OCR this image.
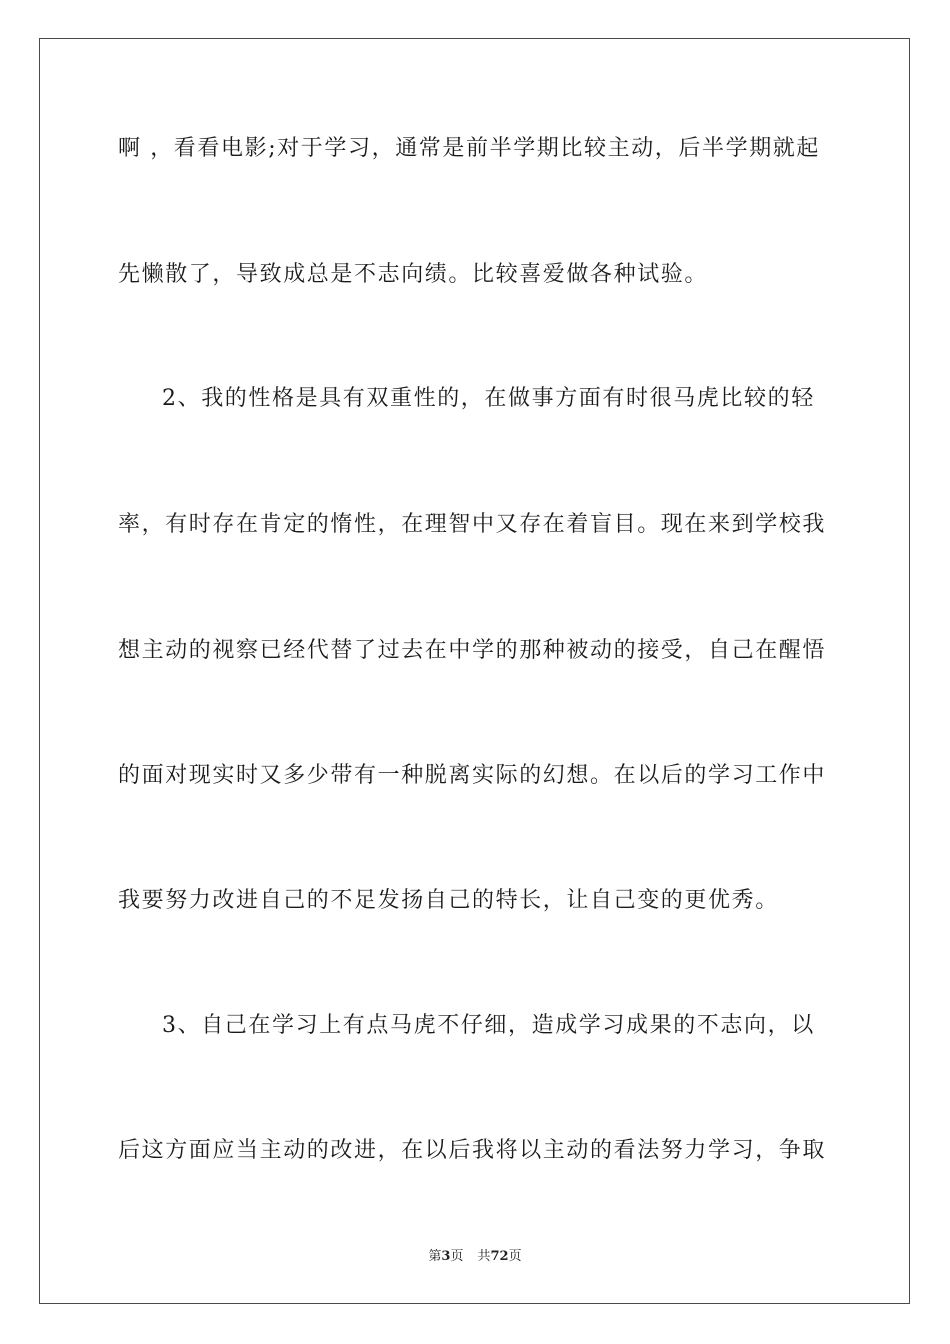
啊 ，看看电影;对于学习，通常是前半学期比较主动，后半学期就起
先懒散了，导致成总是不志向绩。比较喜爱做各种试验。
2、我的性格是具有双重性的，在做事方面有时很马虎比较的轻
率，有时存在肯定的惰性，在理智中又存在着盲目。现在来到学校我
想主动的视察已经代替了过去在中学的那种被动的接受，自己在醒悟
的面对现实时又多少带有一种脱离实际的幻想。在以后的学习工作中
我要努力改进自己的不足发扬自己的特长，让自己变的更优秀。
3、自己在学习上有点马虎不仔细，造成学习成果的不志向，以
后这方面应当主动的改进，在以后我将以主动的看法努力学习，争取
第3页 共72页
